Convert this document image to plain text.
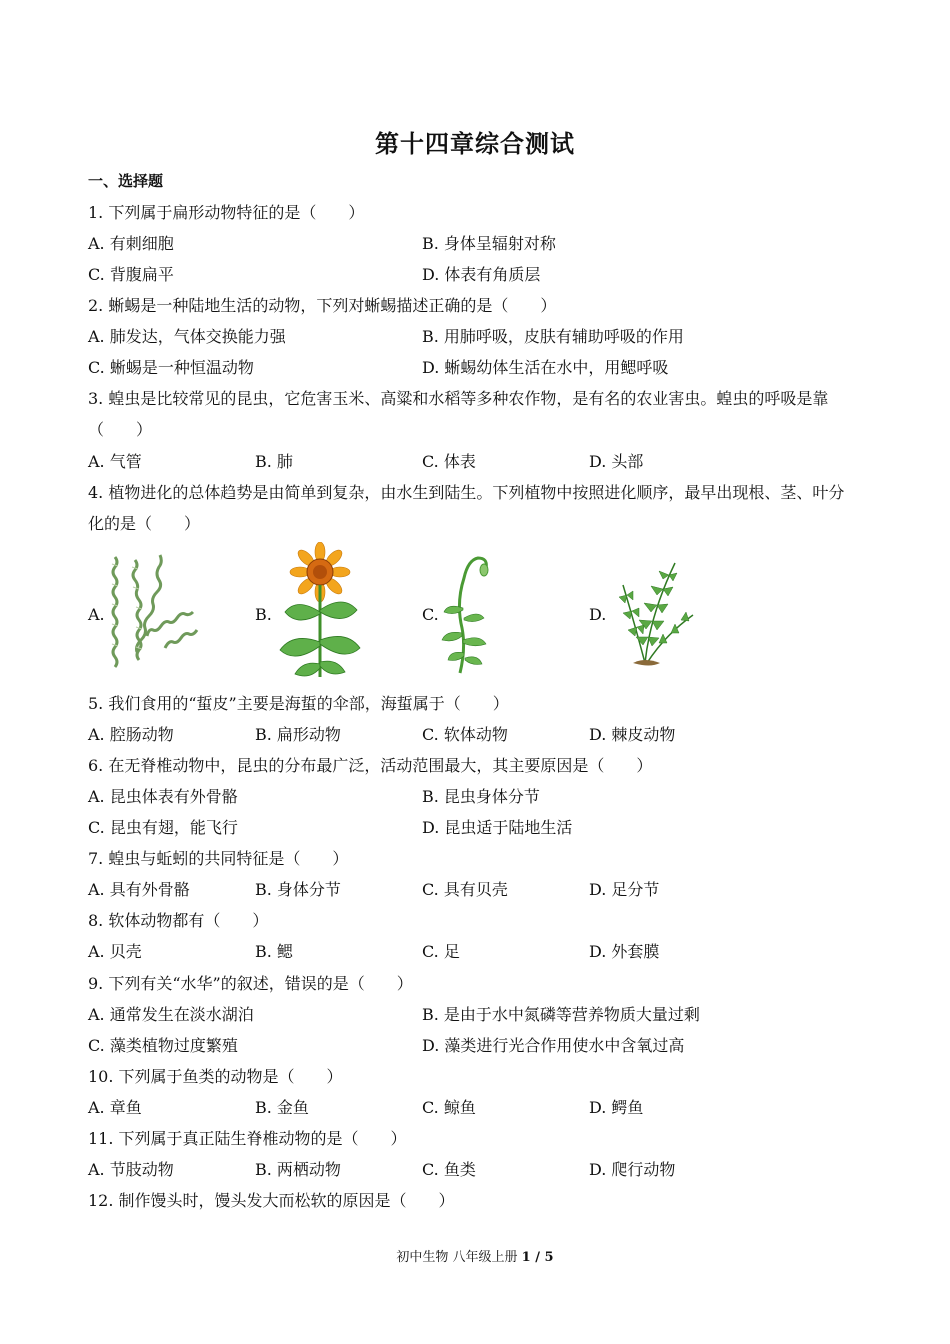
第十四章综合测试
一、选择题
1. 下列属于扁形动物特征的是（　　）
A. 有刺细胞	B. 身体呈辐射对称
C. 背腹扁平	D. 体表有角质层
2. 蜥蜴是一种陆地生活的动物，下列对蜥蜴描述正确的是（　　）
A. 肺发达，气体交换能力强	B. 用肺呼吸，皮肤有辅助呼吸的作用
C. 蜥蜴是一种恒温动物	D. 蜥蜴幼体生活在水中，用鳃呼吸
3. 蝗虫是比较常见的昆虫，它危害玉米、高粱和水稻等多种农作物，是有名的农业害虫。蝗虫的呼吸是靠
（　　）
A. 气管	B. 肺	C. 体表	D. 头部
4. 植物进化的总体趋势是由简单到复杂，由水生到陆生。下列植物中按照进化顺序，最早出现根、茎、叶分
化的是（　　）
A.	B.	C.	D.
5. 我们食用的“蜇皮”主要是海蜇的伞部，海蜇属于（　　）
A. 腔肠动物	B. 扁形动物	C. 软体动物	D. 棘皮动物
6. 在无脊椎动物中，昆虫的分布最广泛，活动范围最大，其主要原因是（　　）
A. 昆虫体表有外骨骼	B. 昆虫身体分节
C. 昆虫有翅，能飞行	D. 昆虫适于陆地生活
7. 蝗虫与蚯蚓的共同特征是（　　）
A. 具有外骨骼	B. 身体分节	C. 具有贝壳	D. 足分节
8. 软体动物都有（　　）
A. 贝壳	B. 鳃	C. 足	D. 外套膜
9. 下列有关“水华”的叙述，错误的是（　　）
A. 通常发生在淡水湖泊	B. 是由于水中氮磷等营养物质大量过剩
C. 藻类植物过度繁殖	D. 藻类进行光合作用使水中含氧过高
10. 下列属于鱼类的动物是（　　）
A. 章鱼	B. 金鱼	C. 鲸鱼	D. 鳄鱼
11. 下列属于真正陆生脊椎动物的是（　　）
A. 节肢动物	B. 两栖动物	C. 鱼类	D. 爬行动物
12. 制作馒头时，馒头发大而松软的原因是（　　）
初中生物 八年级上册 1 / 5
